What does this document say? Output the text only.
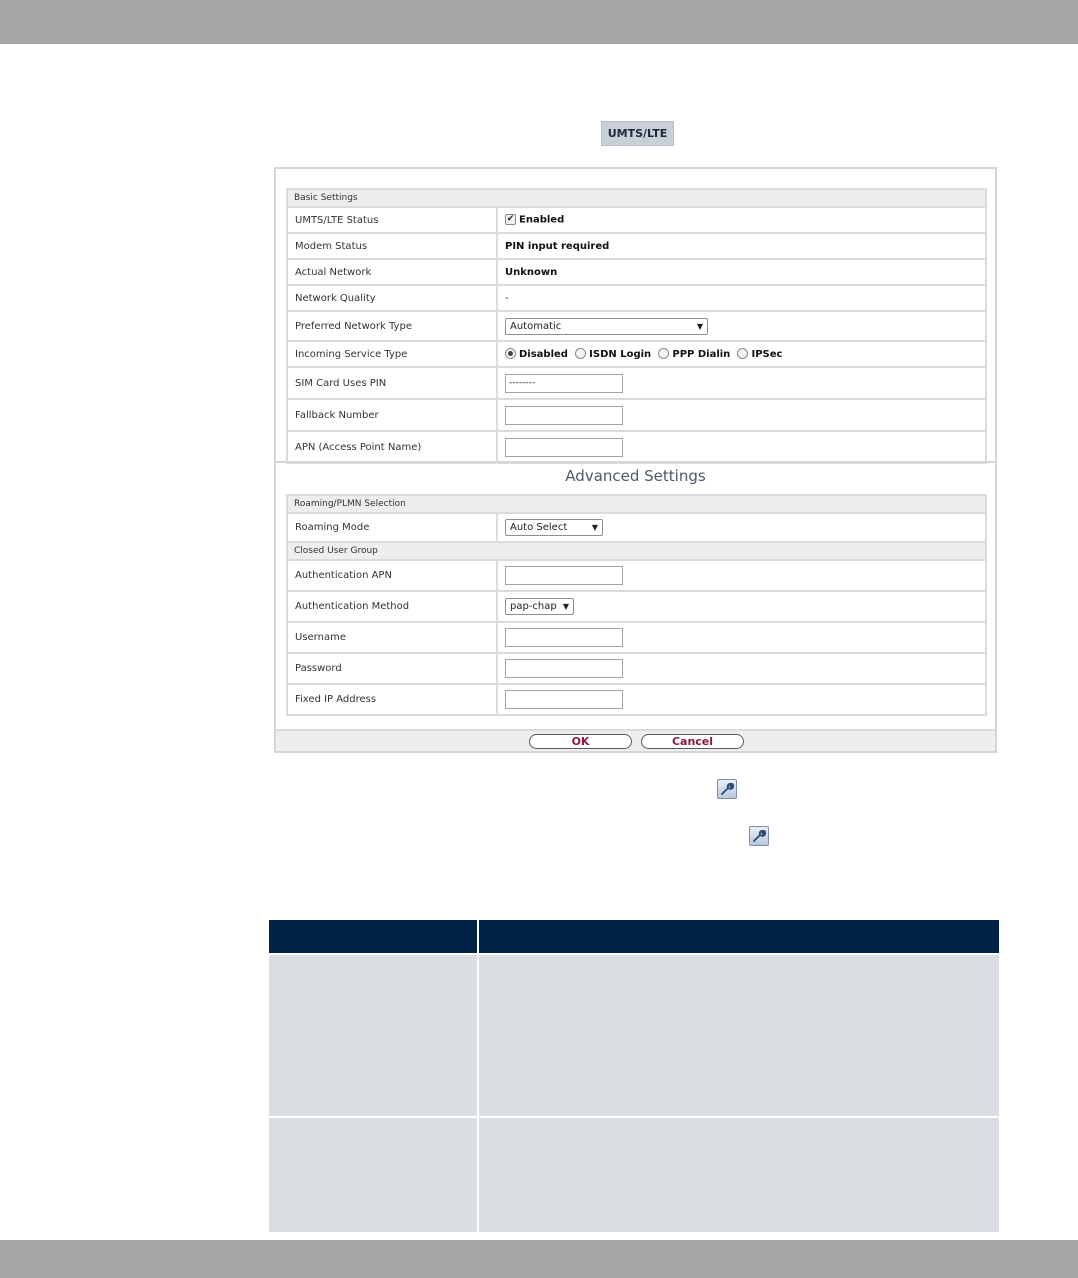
UMTS/LTE
Basic Settings	
UMTS/LTE Status	✔ Enabled
Modem Status	PIN input required
Actual Network	Unknown
Network Quality	-
Preferred Network Type	Automatic ▼

Incoming Service Type	Disabled ISDN Login PPP Dialin IPSec
SIM Card Uses PIN	--------
Fallback Number	
APN (Access Point Name)	
Advanced Settings
Roaming/PLMN Selection	
Roaming Mode	Auto Select ▼

Closed User Group	
Authentication APN	
Authentication Method	pap-chap ▼

Username	
Password	
Fixed IP Address	
OK	Cancel
